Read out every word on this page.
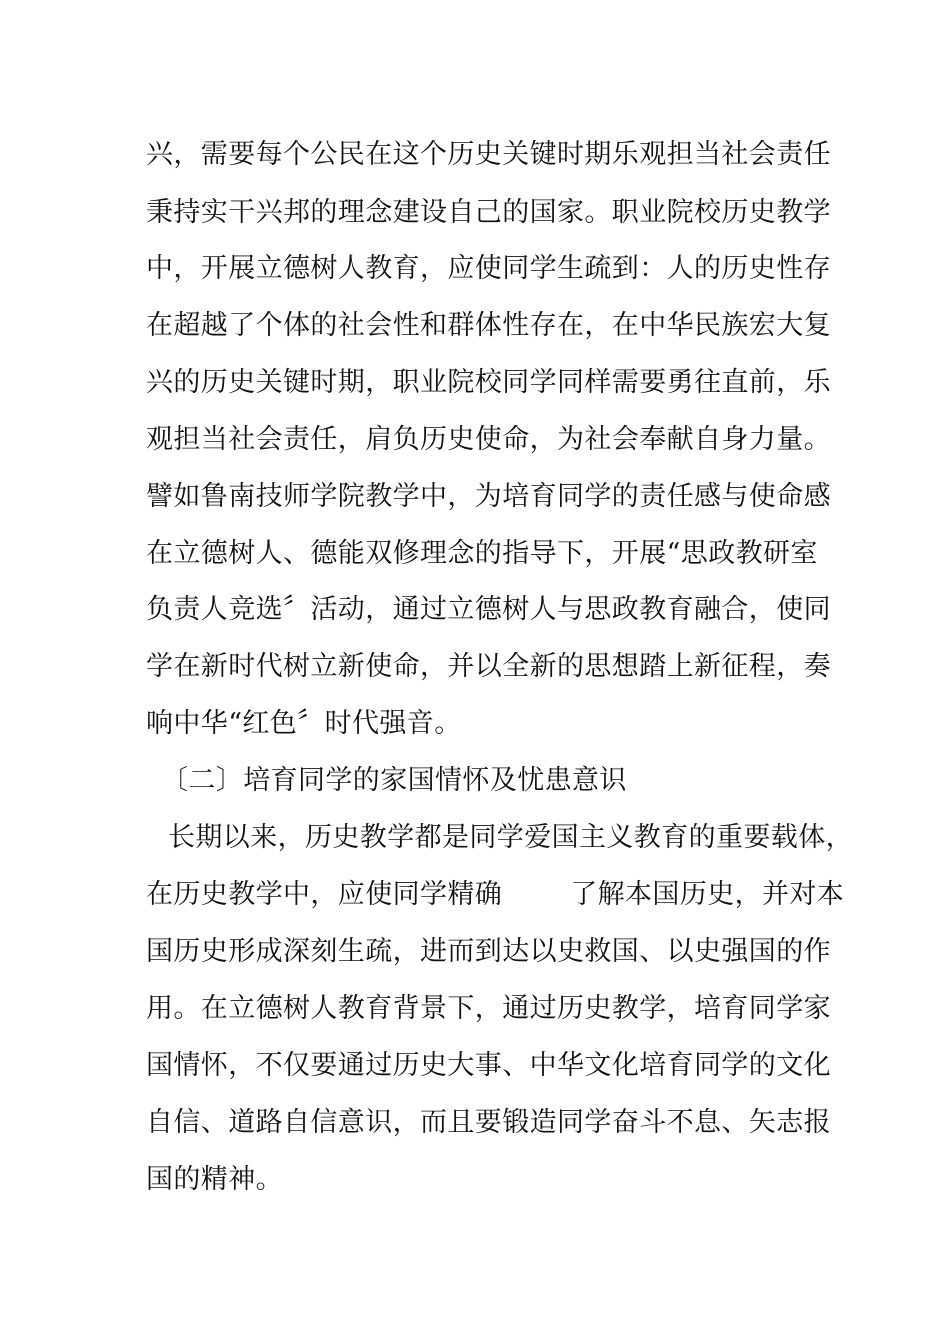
兴，需要每个公民在这个历史关键时期乐观担当社会责任
秉持实干兴邦的理念建设自己的国家。职业院校历史教学
中，开展立德树人教育，应使同学生疏到：人的历史性存
在超越了个体的社会性和群体性存在，在中华民族宏大复
兴的历史关键时期，职业院校同学同样需要勇往直前，乐
观担当社会责任，肩负历史使命，为社会奉献自身力量。
譬如鲁南技师学院教学中，为培育同学的责任感与使命感
在立德树人、德能双修理念的指导下，开展“思政教研室
负责人竞选〞活动，通过立德树人与思政教育融合，使同
学在新时代树立新使命，并以全新的思想踏上新征程，奏
响中华“红色〞时代强音。
〔二〕培育同学的家国情怀及忧患意识
长期以来，历史教学都是同学爱国主义教育的重要载体，
在历史教学中，应使同学精确	了解本国历史，并对本
国历史形成深刻生疏，进而到达以史救国、以史强国的作
用。在立德树人教育背景下，通过历史教学，培育同学家
国情怀，不仅要通过历史大事、中华文化培育同学的文化
自信、道路自信意识，而且要锻造同学奋斗不息、矢志报
国的精神。
